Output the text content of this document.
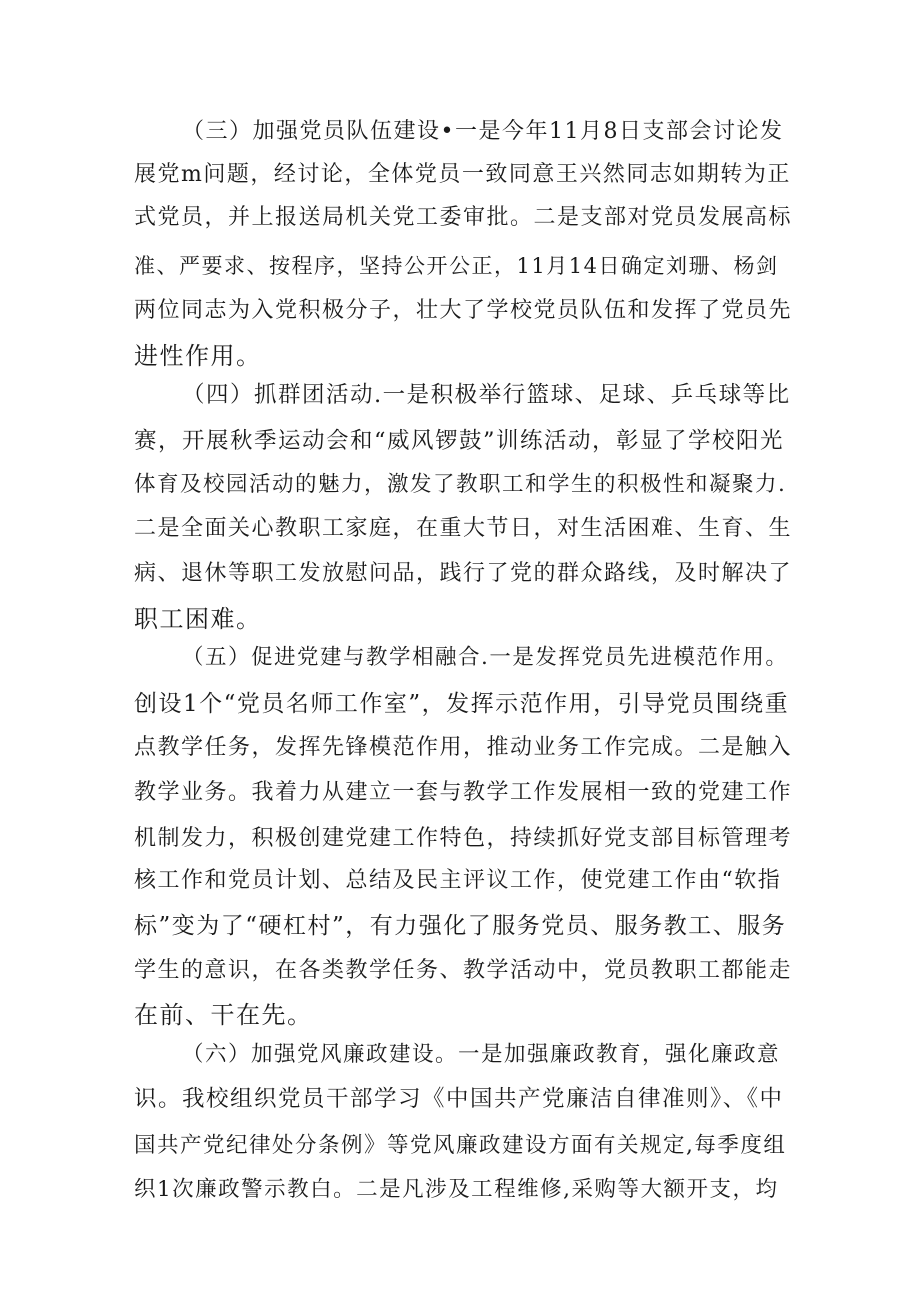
（三）加强党员队伍建设•一是今年11月8日支部会讨论发
展党m问题，经讨论，全体党员一致同意王兴然同志如期转为正
式党员，并上报送局机关党工委审批。二是支部对党员发展高标
准、严要求、按程序，坚持公开公正，11月14日确定刘珊、杨剑
两位同志为入党积极分子，壮大了学校党员队伍和发挥了党员先
进性作用。
（四）抓群团活动.一是积极举行篮球、足球、乒乓球等比
赛，开展秋季运动会和“威风锣鼓”训练活动，彰显了学校阳光
体育及校园活动的魅力，激发了教职工和学生的积极性和凝聚力.
二是全面关心教职工家庭，在重大节日，对生活困难、生育、生
病、退休等职工发放慰问品，践行了党的群众路线，及时解决了
职工困难。
（五）促进党建与教学相融合.一是发挥党员先进模范作用。
创设1个“党员名师工作室”，发挥示范作用，引导党员围绕重
点教学任务，发挥先锋模范作用，推动业务工作完成。二是触入
教学业务。我着力从建立一套与教学工作发展相一致的党建工作
机制发力，积极创建党建工作特色，持续抓好党支部目标管理考
核工作和党员计划、总结及民主评议工作，使党建工作由“软指
标”变为了“硬杠村”，有力强化了服务党员、服务教工、服务
学生的意识，在各类教学任务、教学活动中，党员教职工都能走
在前、干在先。
（六）加强党风廉政建设。一是加强廉政教育，强化廉政意
识。我校组织党员干部学习《中国共产党廉洁自律准则》、《中
国共产党纪律处分条例》等党风廉政建设方面有关规定,每季度组
织1次廉政警示教白。二是凡涉及工程维修,采购等大额开支，均
